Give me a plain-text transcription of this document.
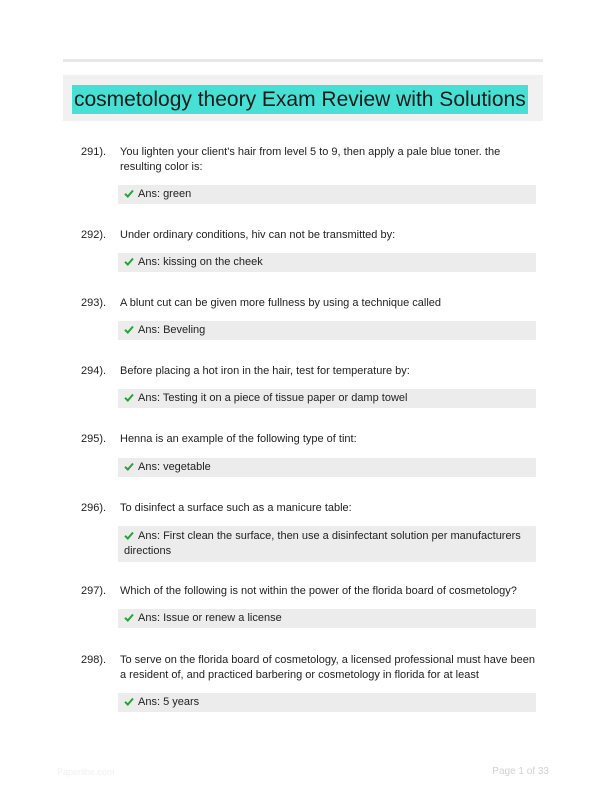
cosmetology theory Exam Review with Solutions
291). You lighten your client's hair from level 5 to 9, then apply a pale blue toner. the resulting color is:
Ans: green
292). Under ordinary conditions, hiv can not be transmitted by:
Ans: kissing on the cheek
293). A blunt cut can be given more fullness by using a technique called
Ans: Beveling
294). Before placing a hot iron in the hair, test for temperature by:
Ans: Testing it on a piece of tissue paper or damp towel
295). Henna is an example of the following type of tint:
Ans: vegetable
296). To disinfect a surface such as a manicure table:
Ans: First clean the surface, then use a disinfectant solution per manufacturers directions
297). Which of the following is not within the power of the florida board of cosmetology?
Ans: Issue or renew a license
298). To serve on the florida board of cosmetology, a licensed professional must have been a resident of, and practiced barbering or cosmetology in florida for at least
Ans: 5 years
Paperlibe.com	Page 1 of 33
